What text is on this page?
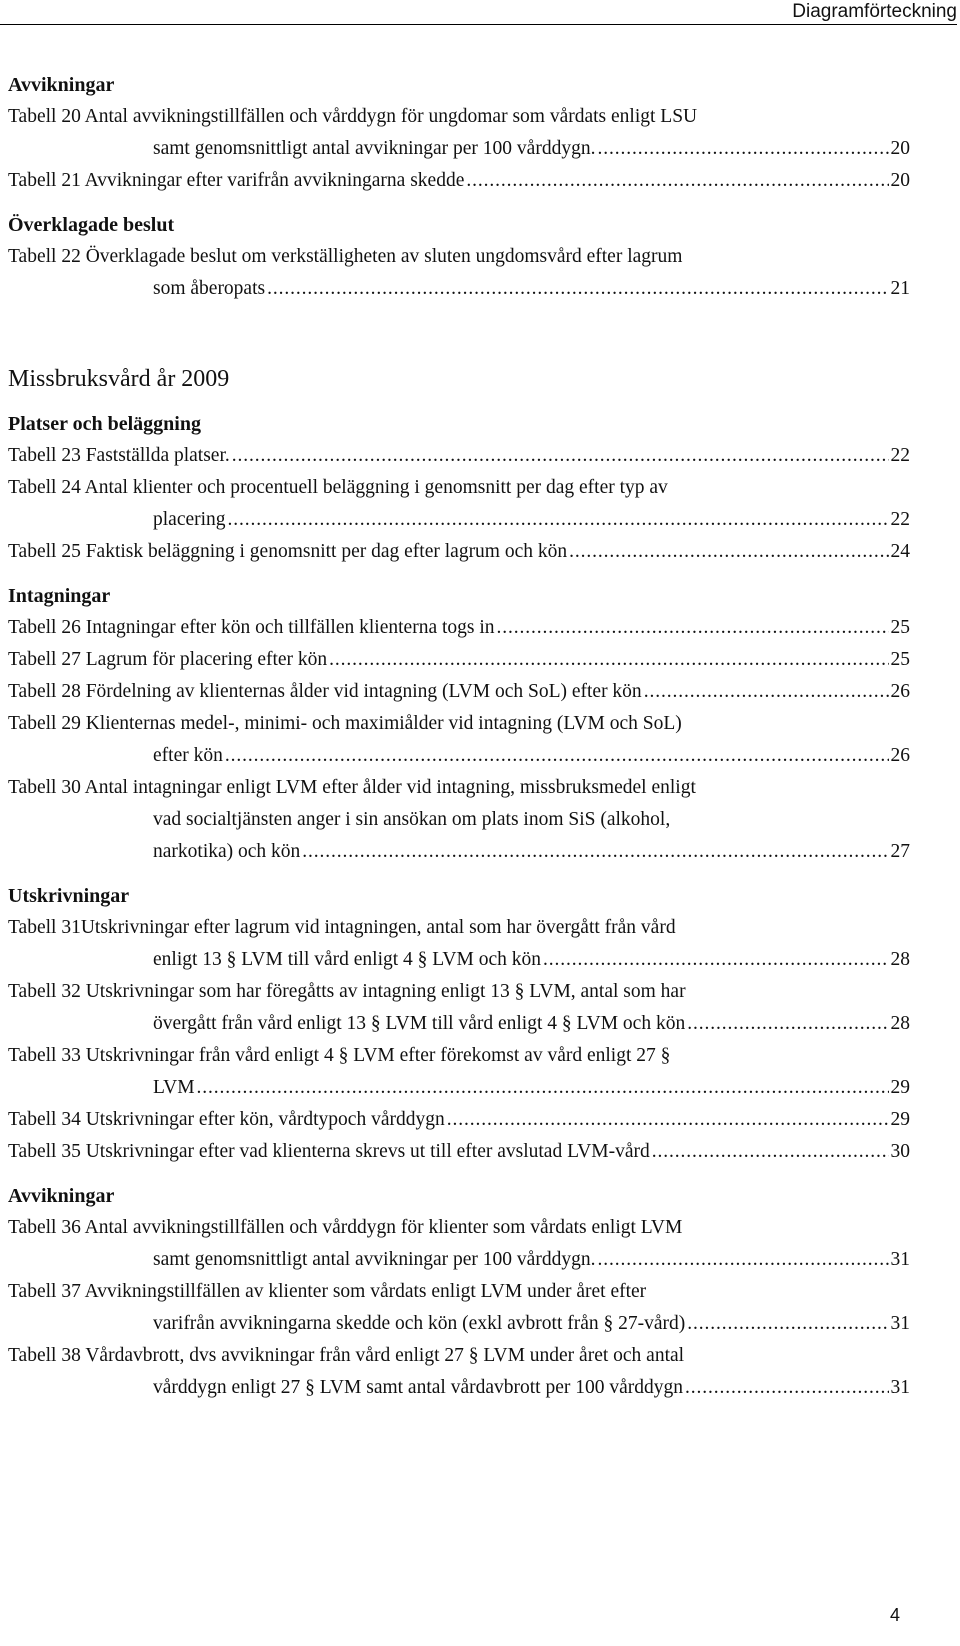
Diagramförteckning
Avvikningar
Tabell 20 Antal avvikningstillfällen och vårddygn för ungdomar som vårdats enligt LSU
samt genomsnittligt antal avvikningar per 100 vårddygn. . . .	20
Tabell 21 Avvikningar efter varifrån avvikningarna skedde . . .	20
Överklagade beslut
Tabell 22 Överklagade beslut om verkställigheten av sluten ungdomsvård efter lagrum
som åberopats . . .	21
Missbruksvård år 2009
Platser och beläggning
Tabell 23 Fastställda platser. . . .	22
Tabell 24 Antal klienter och procentuell beläggning i genomsnitt per dag efter typ av
placering . . .	22
Tabell 25 Faktisk beläggning i genomsnitt per dag efter lagrum och kön . . .	24
Intagningar
Tabell 26 Intagningar efter kön och tillfällen klienterna togs in . . .	25
Tabell 27 Lagrum för placering efter kön . . .	25
Tabell 28 Fördelning av klienternas ålder vid intagning (LVM och SoL) efter kön . . .	26
Tabell 29 Klienternas medel-, minimi- och maximiålder vid intagning (LVM och SoL)
efter kön . . .	26
Tabell 30 Antal intagningar enligt LVM efter ålder vid intagning, missbruksmedel enligt
vad socialtjänsten anger i sin ansökan om plats inom SiS (alkohol,
narkotika) och kön . . .	27
Utskrivningar
Tabell 31Utskrivningar efter lagrum vid intagningen, antal som har övergått från vård
enligt 13 § LVM till vård enligt 4 § LVM och kön . . .	28
Tabell 32 Utskrivningar som har föregåtts av intagning enligt 13 § LVM, antal som har
övergått från vård enligt 13 § LVM till vård enligt 4 § LVM och kön . . .	28
Tabell 33 Utskrivningar från vård enligt 4 § LVM efter förekomst av vård enligt 27 §
LVM . . .	29
Tabell 34 Utskrivningar efter kön, vårdtypoch vårddygn . . .	29
Tabell 35 Utskrivningar efter vad klienterna skrevs ut till efter avslutad LVM-vård . . .	30
Avvikningar
Tabell 36 Antal avvikningstillfällen och vårddygn för klienter som vårdats enligt LVM
samt genomsnittligt antal avvikningar per 100 vårddygn. . . .	31
Tabell 37 Avvikningstillfällen av klienter som vårdats enligt LVM under året efter
varifrån avvikningarna skedde och kön (exkl avbrott från § 27-vård) . . .	31
Tabell 38 Vårdavbrott, dvs avvikningar från vård enligt 27 § LVM under året och antal
vårddygn enligt 27 § LVM samt antal vårdavbrott per 100 vårddygn . . .	31
4
